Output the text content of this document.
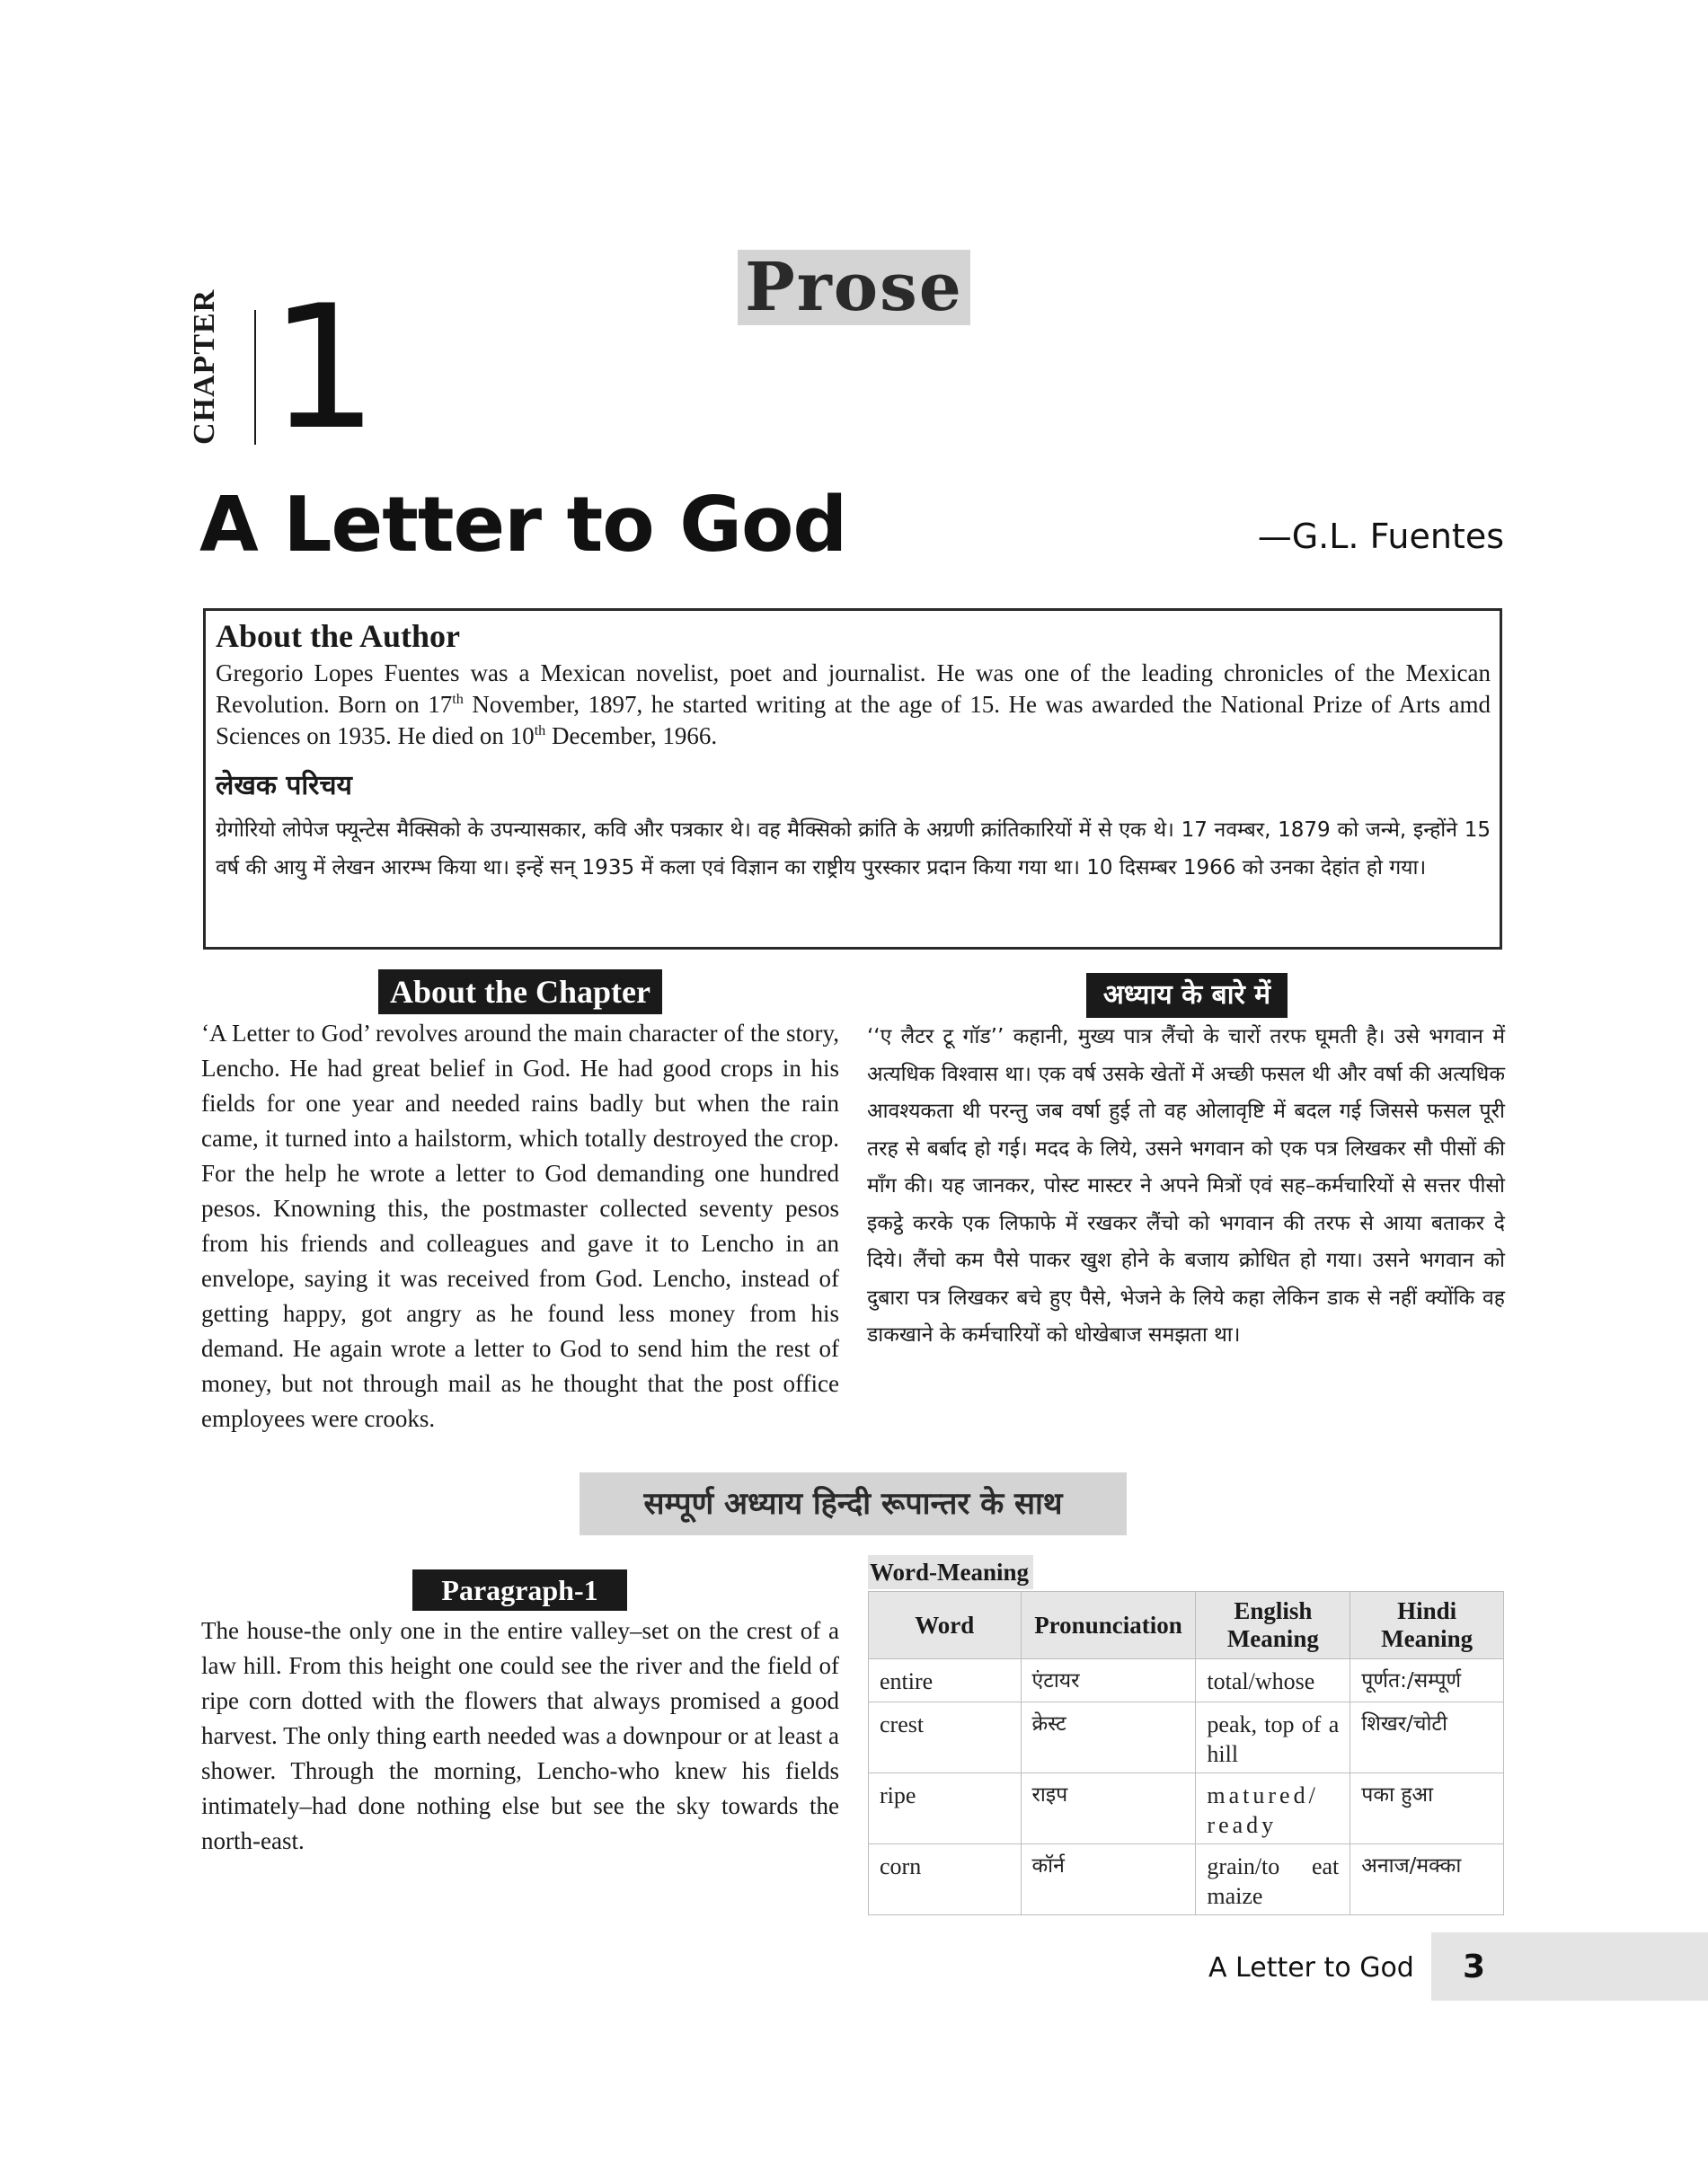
Prose
CHAPTER 1
A Letter to God	—G.L. Fuentes
About the Author

Gregorio Lopes Fuentes was a Mexican novelist, poet and journalist. He was one of the leading chronicles of the Mexican Revolution. Born on 17th November, 1897, he started writing at the age of 15. He was awarded the National Prize of Arts amd Sciences on 1935. He died on 10th December, 1966.

लेखक परिचय

ग्रेगोरियो लोपेज फ्यून्टेस मैक्सिको के उपन्यासकार, कवि और पत्रकार थे। वह मैक्सिको क्रांति के अग्रणी क्रांतिकारियों में से एक थे। 17 नवम्बर, 1879 को जन्मे, इन्होंने 15 वर्ष की आयु में लेखन आरम्भ किया था। इन्हें सन् 1935 में कला एवं विज्ञान का राष्ट्रीय पुरस्कार प्रदान किया गया था। 10 दिसम्बर 1966 को उनका देहांत हो गया।

About the Chapter	अध्याय के बारे में
‘A Letter to God’ revolves around the main character of the story, Lencho. He had great belief in God. He had good crops in his fields for one year and needed rains badly but when the rain came, it turned into a hailstorm, which totally destroyed the crop. For the help he wrote a letter to God demanding one hundred pesos. Knowning this, the postmaster collected seventy pesos from his friends and colleagues and gave it to Lencho in an envelope, saying it was received from God. Lencho, instead of getting happy, got angry as he found less money from his demand. He again wrote a letter to God to send him the rest of money, but not through mail as he thought that the post office employees were crooks.
‘‘ए लैटर टू गॉड’’ कहानी, मुख्य पात्र लैंचो के चारों तरफ घूमती है। उसे भगवान में अत्यधिक विश्वास था। एक वर्ष उसके खेतों में अच्छी फसल थी और वर्षा की अत्यधिक आवश्यकता थी परन्तु जब वर्षा हुई तो वह ओलावृष्टि में बदल गई जिससे फसल पूरी तरह से बर्बाद हो गई। मदद के लिये, उसने भगवान को एक पत्र लिखकर सौ पीसों की माँग की। यह जानकर, पोस्ट मास्टर ने अपने मित्रों एवं सह–कर्मचारियों से सत्तर पीसो इकट्ठे करके एक लिफाफे में रखकर लैंचो को भगवान की तरफ से आया बताकर दे दिये। लैंचो कम पैसे पाकर खुश होने के बजाय क्रोधित हो गया। उसने भगवान को दुबारा पत्र लिखकर बचे हुए पैसे, भेजने के लिये कहा लेकिन डाक से नहीं क्योंकि वह डाकखाने के कर्मचारियों को धोखेबाज समझता था।
सम्पूर्ण अध्याय हिन्दी रूपान्तर के साथ
Paragraph-1
The house-the only one in the entire valley–set on the crest of a law hill. From this height one could see the river and the field of ripe corn dotted with the flowers that always promised a good harvest. The only thing earth needed was a downpour or at least a shower. Through the morning, Lencho-who knew his fields intimately–had done nothing else but see the sky towards the north-east.
Word-Meaning
Word	Pronunciation	English Meaning	Hindi Meaning
entire	एंटायर	total/whose	पूर्णत:/सम्पूर्ण
crest	क्रेस्ट	peak, top of a hill	शिखर/चोटी
ripe	राइप	matured/ ready	पका हुआ
corn	कॉर्न	grain/to eat maize	अनाज/मक्का
A Letter to God 3
